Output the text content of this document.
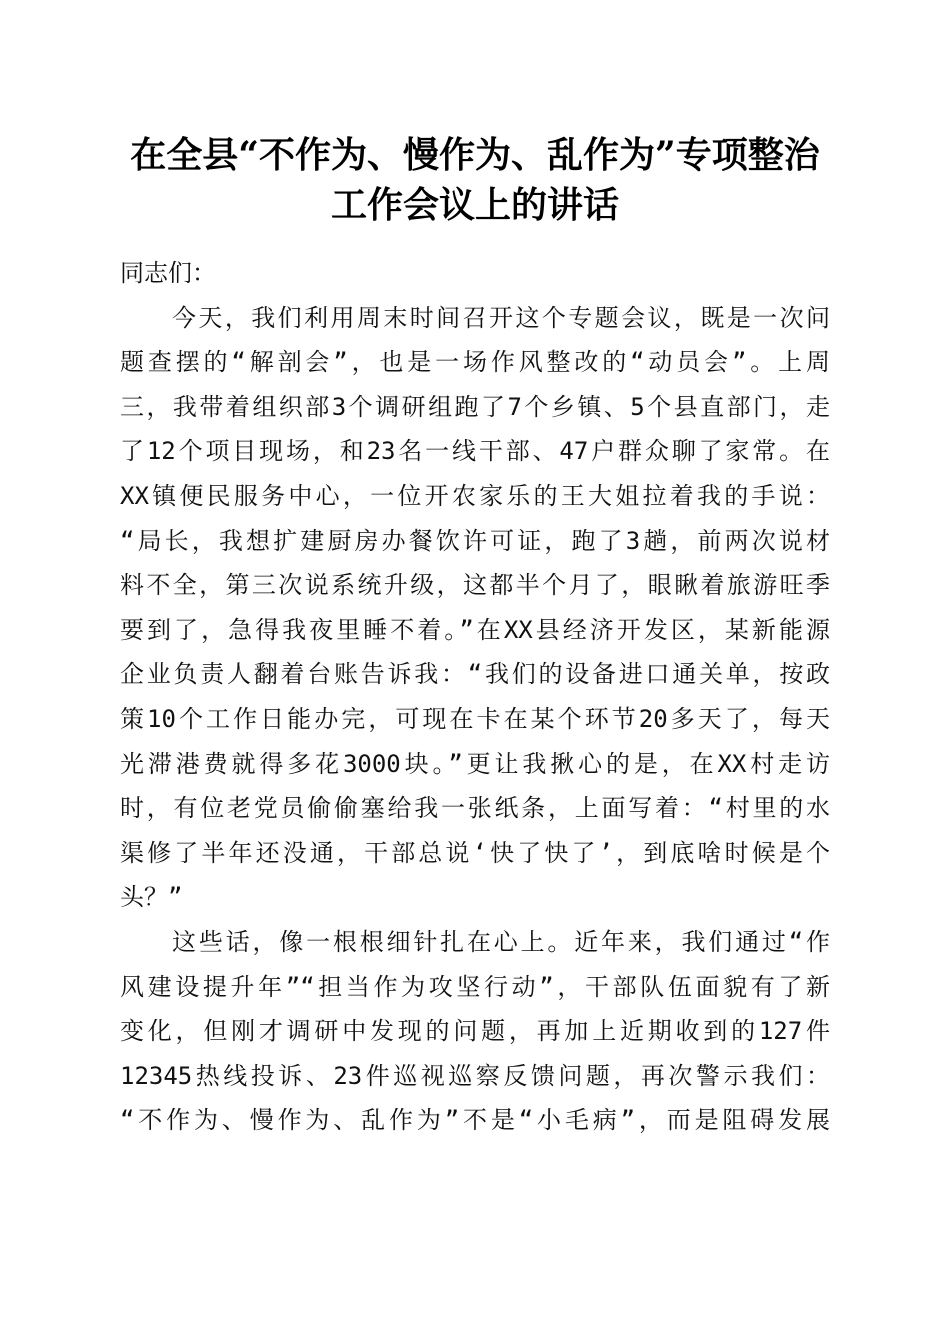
在全县“不作为、慢作为、乱作为”专项整治
工作会议上的讲话
同志们：
今天，我们利用周末时间召开这个专题会议，既是一次问
题查摆的“解剖会”，也是一场作风整改的“动员会”。上周
三，我带着组织部3个调研组跑了7个乡镇、5个县直部门，走
了12个项目现场，和23名一线干部、47户群众聊了家常。在
XX镇便民服务中心，一位开农家乐的王大姐拉着我的手说：
“局长，我想扩建厨房办餐饮许可证，跑了3趟，前两次说材
料不全，第三次说系统升级，这都半个月了，眼瞅着旅游旺季
要到了，急得我夜里睡不着。”在XX县经济开发区，某新能源
企业负责人翻着台账告诉我：“我们的设备进口通关单，按政
策10个工作日能办完，可现在卡在某个环节20多天了，每天
光滞港费就得多花3000块。”更让我揪心的是，在XX村走访
时，有位老党员偷偷塞给我一张纸条，上面写着：“村里的水
渠修了半年还没通，干部总说‘快了快了’，到底啥时候是个
头？”
这些话，像一根根细针扎在心上。近年来，我们通过“作
风建设提升年”“担当作为攻坚行动”，干部队伍面貌有了新
变化，但刚才调研中发现的问题，再加上近期收到的127件
12345热线投诉、23件巡视巡察反馈问题，再次警示我们：
“不作为、慢作为、乱作为”不是“小毛病”，而是阻碍发展
